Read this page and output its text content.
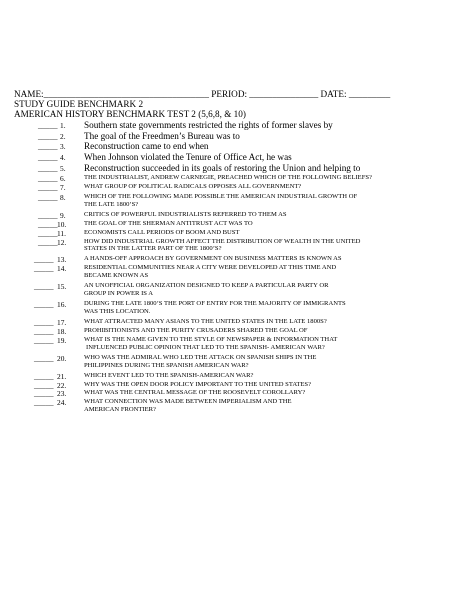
NAME:____________________________________ PERIOD: _______________ DATE: _________
STUDY GUIDE BENCHMARK 2
AMERICAN HISTORY BENCHMARK TEST 2 (5,6,8, & 10)
_____ 1. Southern state governments restricted the rights of former slaves by
_____ 2. The goal of the Freedmen’s Bureau was to
_____ 3. Reconstruction came to end when
_____ 4. When Johnson violated the Tenure of Office Act, he was
_____ 5. Reconstruction succeeded in its goals of restoring the Union and helping to
_____ 6.	THE INDUSTRIALIST, ANDREW CARNEGIE, PREACHED WHICH OF THE FOLLOWING BELIEFS?
_____ 7.	WHAT GROUP OF POLITICAL RADICALS OPPOSES ALL GOVERNMENT?
_____ 8.	WHICH OF THE FOLLOWING MADE POSSIBLE THE AMERICAN INDUSTRIAL GROWTH OF
THE LATE 1800’S?
_____ 9.	CRITICS OF POWERFUL INDUSTRIALISTS REFERRED TO THEM AS
_____ 10.	THE GOAL OF THE SHERMAN ANTITRUST ACT WAS TO
_____ 11.	ECONOMISTS CALL PERIODS OF BOOM AND BUST
_____ 12.	HOW DID INDUSTRIAL GROWTH AFFECT THE DISTRIBUTION OF WEALTH IN THE UNITED
STATES IN THE LATTER PART OF THE 1800’S?
_____ 13.	A HANDS-OFF APPROACH BY GOVERNMENT ON BUSINESS MATTERS IS KNOWN AS
_____ 14.	RESIDENTIAL COMMUNITIES NEAR A CITY WERE DEVELOPED AT THIS TIME AND
BECAME KNOWN AS
_____ 15.	AN UNOFFICIAL ORGANIZATION DESIGNED TO KEEP A PARTICULAR PARTY OR
GROUP IN POWER IS A
_____ 16.	DURING THE LATE 1800’S THE PORT OF ENTRY FOR THE MAJORITY OF IMMIGRANTS
WAS THIS LOCATION.
_____ 17.	WHAT ATTRACTED MANY ASIANS TO THE UNITED STATES IN THE LATE 1800S?
_____ 18.	PROHIBITIONISTS AND THE PURITY CRUSADERS SHARED THE GOAL OF
_____ 19.	WHAT IS THE NAME GIVEN TO THE STYLE OF NEWSPAPER & INFORMATION THAT
INFLUENCED PUBLIC OPINION THAT LED TO THE SPANISH- AMERICAN WAR?
_____ 20.	WHO WAS THE ADMIRAL WHO LED THE ATTACK ON SPANISH SHIPS IN THE
PHILIPPINES DURING THE SPANISH AMERICAN WAR?
_____ 21.	WHICH EVENT LED TO THE SPANISH-AMERICAN WAR?
_____ 22.	WHY WAS THE OPEN DOOR POLICY IMPORTANT TO THE UNITED STATES?
_____ 23.	WHAT WAS THE CENTRAL MESSAGE OF THE ROOSEVELT COROLLARY?
_____ 24.	WHAT CONNECTION WAS MADE BETWEEN IMPERIALISM AND THE
AMERICAN FRONTIER?
